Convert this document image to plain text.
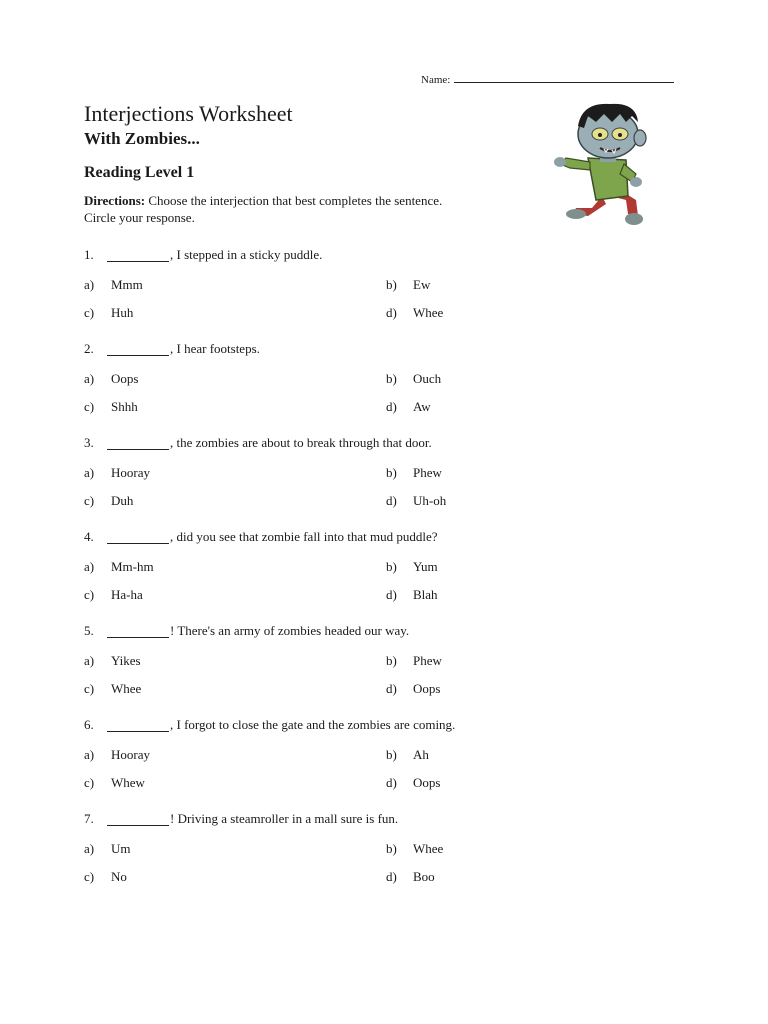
Name:
Interjections Worksheet
With Zombies...
Reading Level 1
Directions: Choose the interjection that best completes the sentence.
Circle your response.
1.	, I stepped in a sticky puddle.
a)	Mmm	b)	Ew
c)	Huh	d)	Whee
2.	, I hear footsteps.
a)	Oops	b)	Ouch
c)	Shhh	d)	Aw
3.	, the zombies are about to break through that door.
a)	Hooray	b)	Phew
c)	Duh	d)	Uh-oh
4.	, did you see that zombie fall into that mud puddle?
a)	Mm-hm	b)	Yum
c)	Ha-ha	d)	Blah
5.	! There's an army of zombies headed our way.
a)	Yikes	b)	Phew
c)	Whee	d)	Oops
6.	, I forgot to close the gate and the zombies are coming.
a)	Hooray	b)	Ah
c)	Whew	d)	Oops
7.	! Driving a steamroller in a mall sure is fun.
a)	Um	b)	Whee
c)	No	d)	Boo
